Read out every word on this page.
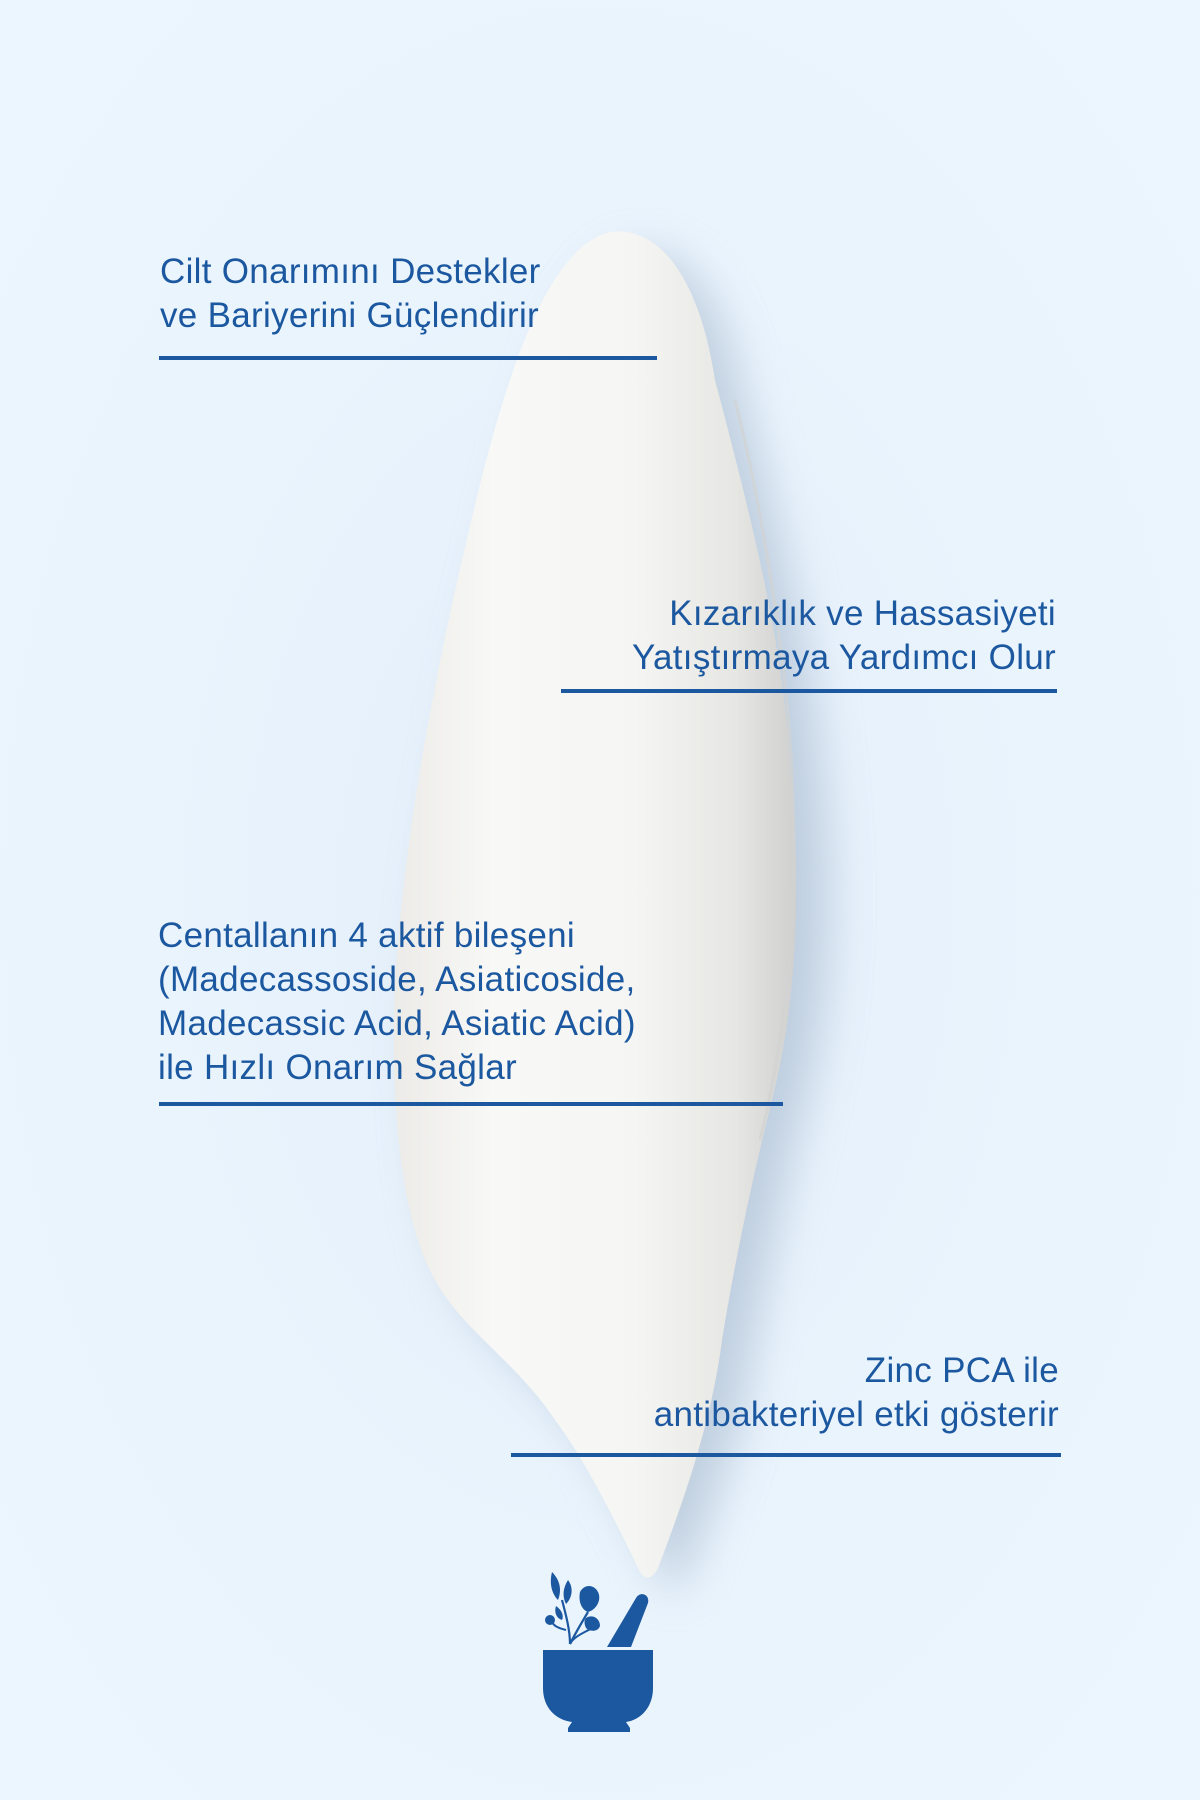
Cilt Onarımını Destekler
ve Bariyerini Güçlendirir
Kızarıklık ve Hassasiyeti
Yatıştırmaya Yardımcı Olur
Centallanın 4 aktif bileşeni
(Madecassoside, Asiaticoside,
Madecassic Acid, Asiatic Acid)
ile Hızlı Onarım Sağlar
Zinc PCA ile
antibakteriyel etki gösterir
